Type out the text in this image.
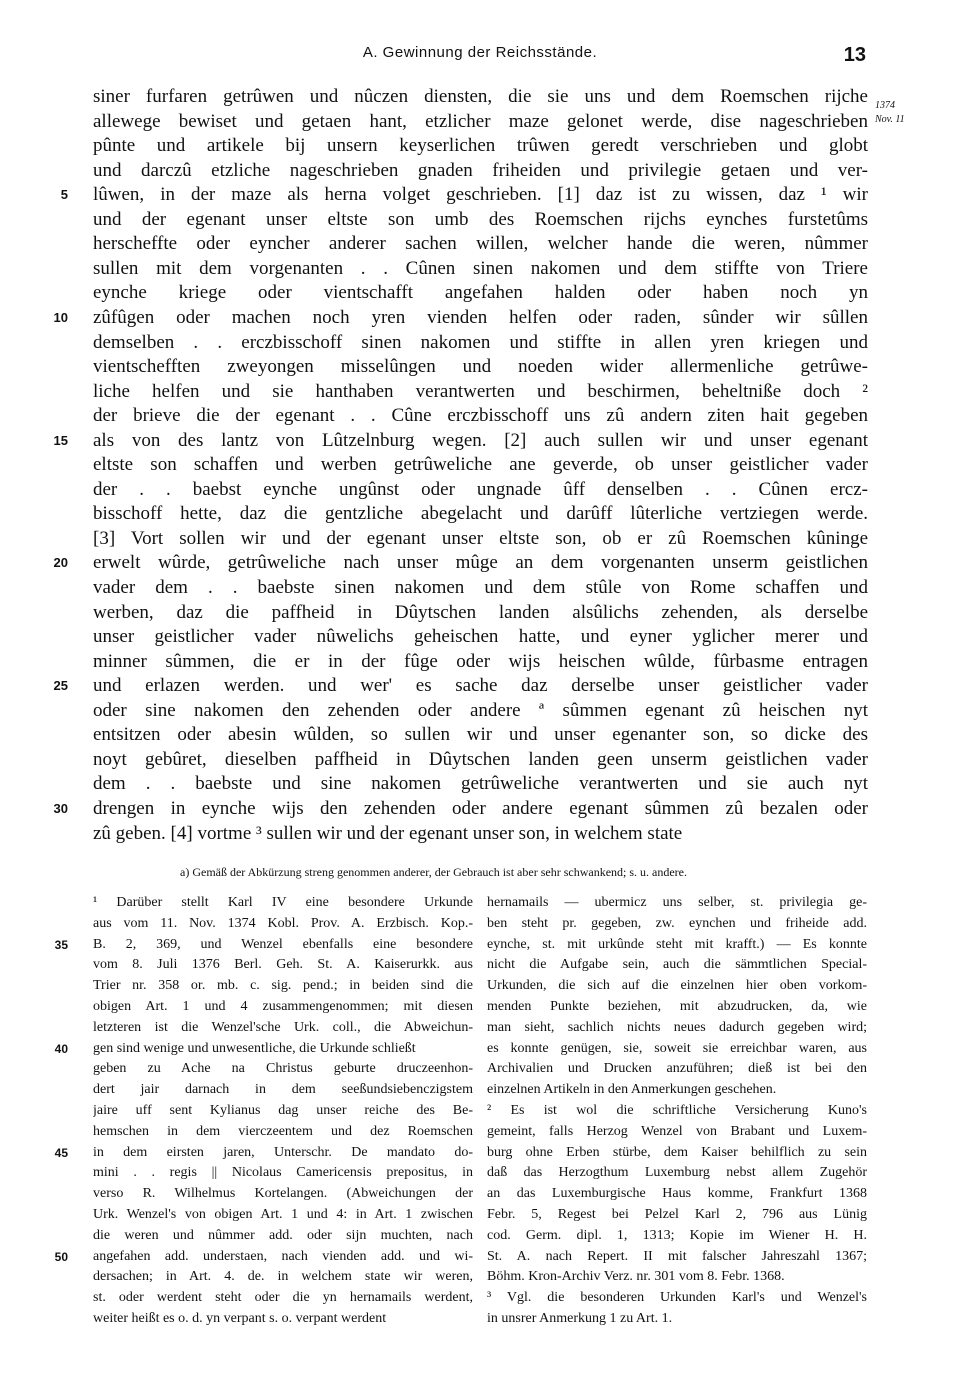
A. Gewinnung der Reichsstände.	13
1374
Nov. 11
siner furfaren getrûwen und nûczen diensten, die sie uns und dem Roemschen rijche
allewege bewiset und getaen hant, etzlicher maze gelonet werde, dise nageschrieben
pûnte und artikele bij unsern keyserlichen trûwen geredt verschrieben und globt
und darczû etzliche nageschrieben gnaden friheiden und privilegie getaen und ver-
lûwen, in der maze als herna volget geschrieben. [1] daz ist zu wissen, daz ¹ wir
und der egenant unser eltste son umb des Roemschen rijchs eynches furstetûms
herscheffte oder eyncher anderer sachen willen, welcher hande die weren, nûmmer
sullen mit dem vorgenanten . . Cûnen sinen nakomen und dem stiffte von Triere
eynche kriege oder vientschafft angefahen halden oder haben noch yn
zûfûgen oder machen noch yren vienden helfen oder raden, sûnder wir sûllen
demselben . . erczbisschoff sinen nakomen und stiffte in allen yren kriegen und
vientschefften zweyongen misselûngen und noeden wider allermenliche getrûwe-
liche helfen und sie hanthaben verantwerten und beschirmen, beheltniße doch ²
der brieve die der egenant . . Cûne erczbisschoff uns zû andern ziten hait gegeben
als von des lantz von Lûtzelnburg wegen. [2] auch sullen wir und unser egenant
eltste son schaffen und werben getrûweliche ane geverde, ob unser geistlicher vader
der . . baebst eynche ungûnst oder ungnade ûff denselben . . Cûnen ercz-
bisschoff hette, daz die gentzliche abegelacht und darûff lûterliche vertziegen werde.
[3] Vort sollen wir und der egenant unser eltste son, ob er zû Roemschen kûninge
erwelt wûrde, getrûweliche nach unser mûge an dem vorgenanten unserm geistlichen
vader dem . . baebste sinen nakomen und dem stûle von Rome schaffen und
werben, daz die paffheid in Dûytschen landen alsûlichs zehenden, als derselbe
unser geistlicher vader nûwelichs geheischen hatte, und eyner yglicher merer und
minner sûmmen, die er in der fûge oder wijs heischen wûlde, fûrbasme entragen
und erlazen werden. und wer' es sache daz derselbe unser geistlicher vader
oder sine nakomen den zehenden oder andere ª sûmmen egenant zû heischen nyt
entsitzen oder abesin wûlden, so sullen wir und unser egenanter son, so dicke des
noyt gebûret, dieselben paffheid in Dûytschen landen geen unserm geistlichen vader
dem . . baebste und sine nakomen getrûweliche verantwerten und sie auch nyt
drengen in eynche wijs den zehenden oder andere egenant sûmmen zû bezalen oder
zû geben. [4] vortme ³ sullen wir und der egenant unser son, in welchem state
5
10
15
20
25
30
a) Gemäß der Abkürzung streng genommen anderer, der Gebrauch ist aber sehr schwankend; s. u. andere.
¹ Darüber stellt Karl IV eine besondere Urkunde
aus vom 11. Nov. 1374 Kobl. Prov. A. Erzbisch. Kop.-
B. 2, 369, und Wenzel ebenfalls eine besondere
vom 8. Juli 1376 Berl. Geh. St. A. Kaiserurkk. aus
Trier nr. 358 or. mb. c. sig. pend.; in beiden sind die
obigen Art. 1 und 4 zusammengenommen; mit diesen
letzteren ist die Wenzel'sche Urk. coll., die Abweichun-
gen sind wenige und unwesentliche, die Urkunde schließt
geben zu Ache na Christus geburte druczeenhon-
dert jair darnach in dem seeßundsiebenczigstem
jaire uff sent Kylianus dag unser reiche des Be-
hemschen in dem vierczeentem und dez Roemschen
in dem eirsten jaren, Unterschr. De mandato do-
mini . . regis || Nicolaus Camericensis prepositus, in
verso R. Wilhelmus Kortelangen. (Abweichungen der
Urk. Wenzel's von obigen Art. 1 und 4: in Art. 1 zwischen
die weren und nûmmer add. oder sijn muchten, nach
angefahen add. understaen, nach vienden add. und wi-
dersachen; in Art. 4. de. in welchem state wir weren,
st. oder werdent steht oder die yn hernamails werdent,
weiter heißt es o. d. yn verpant s. o. verpant werdent
hernamails — ubermicz uns selber, st. privilegia ge-
ben steht pr. gegeben, zw. eynchen und friheide add.
eynche, st. mit urkûnde steht mit krafft.) — Es konnte
nicht die Aufgabe sein, auch die sämmtlichen Special-
Urkunden, die sich auf die einzelnen hier oben vorkom-
menden Punkte beziehen, mit abzudrucken, da, wie
man sieht, sachlich nichts neues dadurch gegeben wird;
es konnte genügen, sie, soweit sie erreichbar waren, aus
Archivalien und Drucken anzuführen; dieß ist bei den
einzelnen Artikeln in den Anmerkungen geschehen.
² Es ist wol die schriftliche Versicherung Kuno's
gemeint, falls Herzog Wenzel von Brabant und Luxem-
burg ohne Erben stürbe, dem Kaiser behilflich zu sein
daß das Herzogthum Luxemburg nebst allem Zugehör
an das Luxemburgische Haus komme, Frankfurt 1368
Febr. 5, Regest bei Pelzel Karl 2, 796 aus Lünig
cod. Germ. dipl. 1, 1313; Kopie im Wiener H. H.
St. A. nach Repert. II mit falscher Jahreszahl 1367;
Böhm. Kron-Archiv Verz. nr. 301 vom 8. Febr. 1368.
³ Vgl. die besonderen Urkunden Karl's und Wenzel's
in unsrer Anmerkung 1 zu Art. 1.
35
40
45
50
